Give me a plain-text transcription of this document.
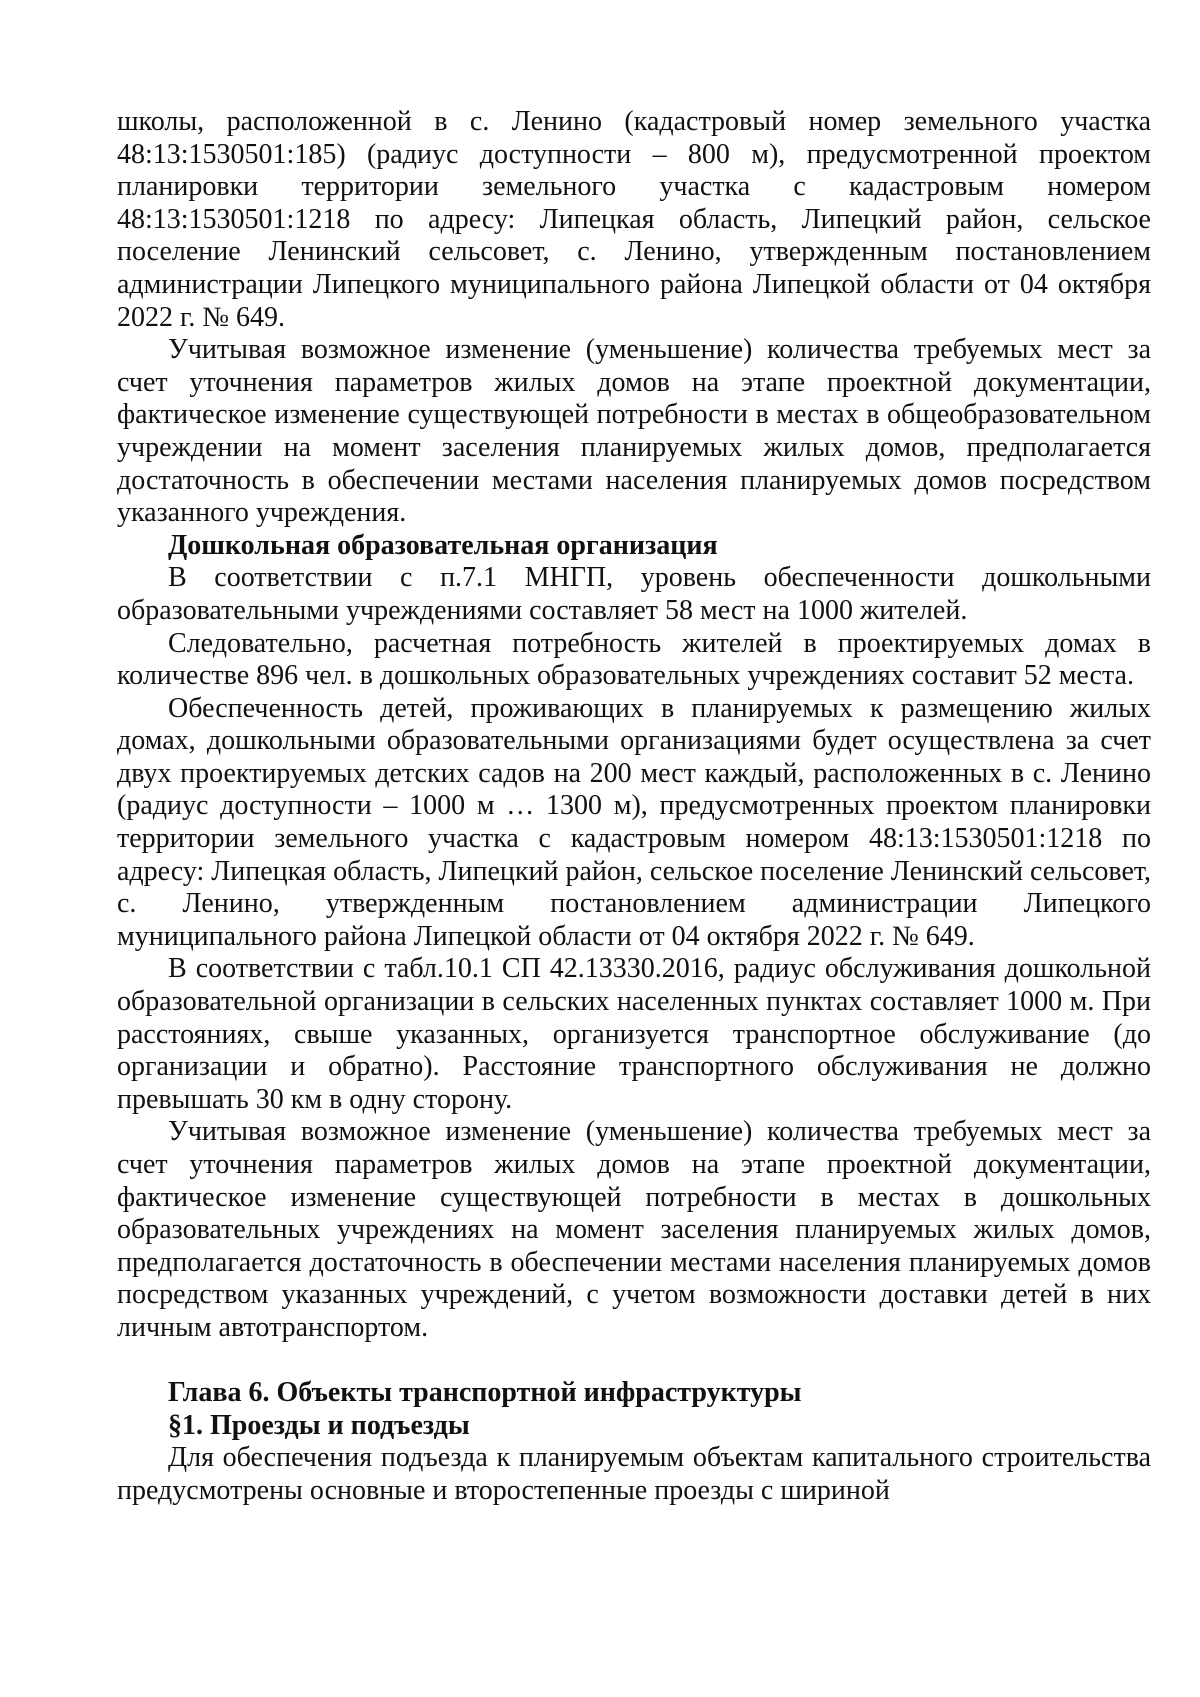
школы, расположенной в с. Ленино (кадастровый номер земельного участка 48:13:1530501:185) (радиус доступности – 800 м), предусмотренной проектом планировки территории земельного участка с кадастровым номером 48:13:1530501:1218 по адресу: Липецкая область, Липецкий район, сельское поселение Ленинский сельсовет, с. Ленино, утвержденным постановлением администрации Липецкого муниципального района Липецкой области от 04 октября 2022 г. № 649.

Учитывая возможное изменение (уменьшение) количества требуемых мест за счет уточнения параметров жилых домов на этапе проектной документации, фактическое изменение существующей потребности в местах в общеобразовательном учреждении на момент заселения планируемых жилых домов, предполагается достаточность в обеспечении местами населения планируемых домов посредством указанного учреждения.

Дошкольная образовательная организация

В соответствии с п.7.1 МНГП, уровень обеспеченности дошкольными образовательными учреждениями составляет 58 мест на 1000 жителей.

Следовательно, расчетная потребность жителей в проектируемых домах в количестве 896 чел. в дошкольных образовательных учреждениях составит 52 места.

Обеспеченность детей, проживающих в планируемых к размещению жилых домах, дошкольными образовательными организациями будет осуществлена за счет двух проектируемых детских садов на 200 мест каждый, расположенных в с. Ленино (радиус доступности – 1000 м … 1300 м), предусмотренных проектом планировки территории земельного участка с кадастровым номером 48:13:1530501:1218 по адресу: Липецкая область, Липецкий район, сельское поселение Ленинский сельсовет, с. Ленино, утвержденным постановлением администрации Липецкого муниципального района Липецкой области от 04 октября 2022 г. № 649.

В соответствии с табл.10.1 СП 42.13330.2016, радиус обслуживания дошкольной образовательной организации в сельских населенных пунктах составляет 1000 м. При расстояниях, свыше указанных, организуется транспортное обслуживание (до организации и обратно). Расстояние транспортного обслуживания не должно превышать 30 км в одну сторону.

Учитывая возможное изменение (уменьшение) количества требуемых мест за счет уточнения параметров жилых домов на этапе проектной документации, фактическое изменение существующей потребности в местах в дошкольных образовательных учреждениях на момент заселения планируемых жилых домов, предполагается достаточность в обеспечении местами населения планируемых домов посредством указанных учреждений, с учетом возможности доставки детей в них личным автотранспортом.

Глава 6. Объекты транспортной инфраструктуры

§1. Проезды и подъезды

Для обеспечения подъезда к планируемым объектам капитального строительства предусмотрены основные и второстепенные проезды с шириной
